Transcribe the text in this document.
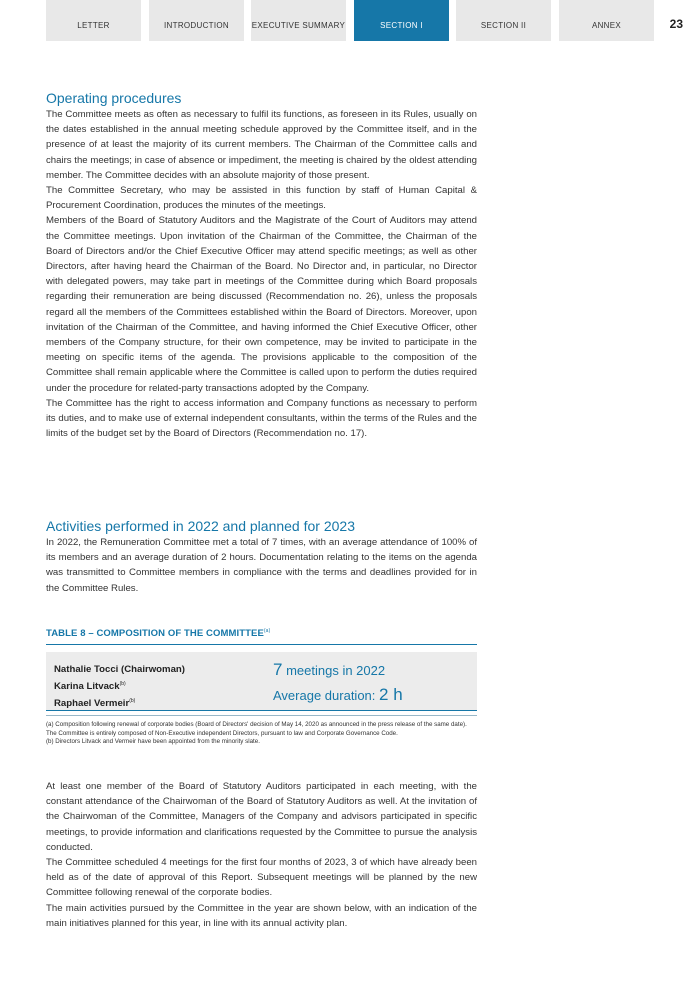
LETTER	INTRODUCTION	EXECUTIVE SUMMARY	SECTION I	SECTION II	ANNEX	23
Operating procedures

The Committee meets as often as necessary to fulfil its functions, as foreseen in its Rules, usually on the dates established in the annual meeting schedule approved by the Committee itself, and in the presence of at least the majority of its current members. The Chairman of the Committee calls and chairs the meetings; in case of absence or impediment, the meeting is chaired by the oldest attending member. The Committee decides with an absolute majority of those present.

The Committee Secretary, who may be assisted in this function by staff of Human Capital & Procurement Coordination, produces the minutes of the meetings.

Members of the Board of Statutory Auditors and the Magistrate of the Court of Auditors may attend the Committee meetings. Upon invitation of the Chairman of the Committee, the Chairman of the Board of Directors and/or the Chief Executive Officer may attend specific meetings; as well as other Directors, after having heard the Chairman of the Board. No Director and, in particular, no Director with delegated powers, may take part in meetings of the Committee during which Board proposals regarding their remuneration are being discussed (Recommendation no. 26), unless the proposals regard all the members of the Committees established within the Board of Directors. Moreover, upon invitation of the Chairman of the Committee, and having informed the Chief Executive Officer, other members of the Company structure, for their own competence, may be invited to participate in the meeting on specific items of the agenda. The provisions applicable to the composition of the Committee shall remain applicable where the Committee is called upon to perform the duties required under the procedure for related-party transactions adopted by the Company.

The Committee has the right to access information and Company functions as necessary to perform its duties, and to make use of external independent consultants, within the terms of the Rules and the limits of the budget set by the Board of Directors (Recommendation no. 17).

Activities performed in 2022 and planned for 2023

In 2022, the Remuneration Committee met a total of 7 times, with an average attendance of 100% of its members and an average duration of 2 hours. Documentation relating to the items on the agenda was transmitted to Committee members in compliance with the terms and deadlines provided for in the Committee Rules.

TABLE 8 – COMPOSITION OF THE COMMITTEE$^{(a)}$
Nathalie Tocci (Chairwoman)
Karina Litvack$^{(b)}$
Raphael Vermeir$^{(b)}$
7 meetings in 2022
Average duration: 2 h
(a) Composition following renewal of corporate bodies (Board of Directors' decision of May 14, 2020 as announced in the press release of the same date). The Committee is entirely composed of Non-Executive independent Directors, pursuant to law and Corporate Governance Code.
(b) Directors Litvack and Vermeir have been appointed from the minority slate.

At least one member of the Board of Statutory Auditors participated in each meeting, with the constant attendance of the Chairwoman of the Board of Statutory Auditors as well. At the invitation of the Chairwoman of the Committee, Managers of the Company and advisors participated in specific meetings, to provide information and clarifications requested by the Committee to pursue the analysis conducted.

The Committee scheduled 4 meetings for the first four months of 2023, 3 of which have already been held as of the date of approval of this Report. Subsequent meetings will be planned by the new Committee following renewal of the corporate bodies.

The main activities pursued by the Committee in the year are shown below, with an indication of the main initiatives planned for this year, in line with its annual activity plan.
